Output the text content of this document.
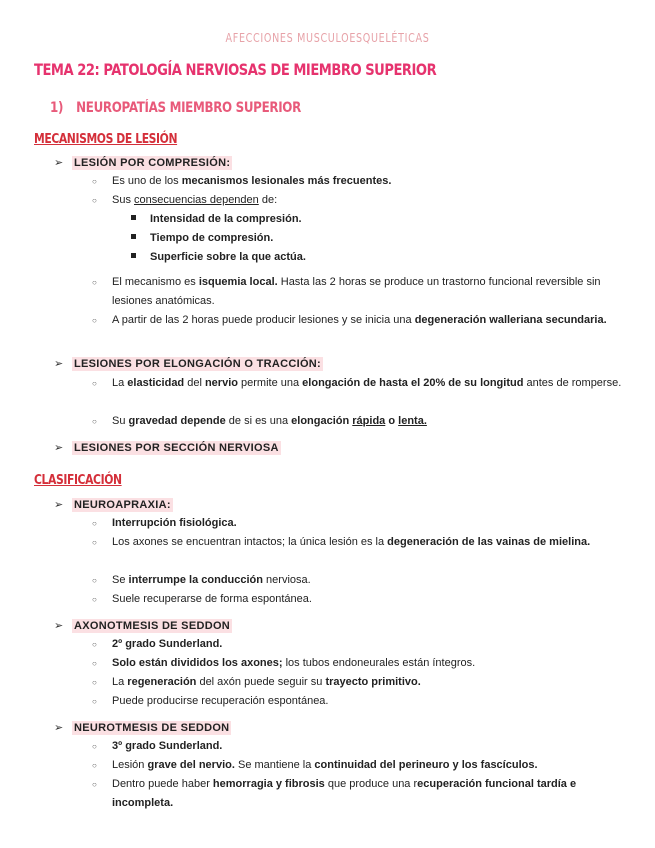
AFECCIONES MUSCULOESQUELÉTICAS
TEMA 22: PATOLOGÍA NERVIOSAS DE MIEMBRO SUPERIOR
1) NEUROPATÍAS MIEMBRO SUPERIOR
MECANISMOS DE LESIÓN
➢ LESIÓN POR COMPRESIÓN:
○	Es uno de los mecanismos lesionales más frecuentes.
○	Sus consecuencias dependen de:
Intensidad de la compresión.
Tiempo de compresión.
Superficie sobre la que actúa.
○	El mecanismo es isquemia local. Hasta las 2 horas se produce un trastorno funcional reversible sin lesiones anatómicas.
○	A partir de las 2 horas puede producir lesiones y se inicia una degeneración walleriana secundaria.
➢ LESIONES POR ELONGACIÓN O TRACCIÓN:
○	La elasticidad del nervio permite una elongación de hasta el 20% de su longitud antes de romperse.
○	Su gravedad depende de si es una elongación rápida o lenta.
➢ LESIONES POR SECCIÓN NERVIOSA
CLASIFICACIÓN
➢ NEUROAPRAXIA:
○	Interrupción fisiológica.
○	Los axones se encuentran intactos; la única lesión es la degeneración de las vainas de mielina.
○	Se interrumpe la conducción nerviosa.
○	Suele recuperarse de forma espontánea.
➢ AXONOTMESIS DE SEDDON
○	2º grado Sunderland.
○	Solo están divididos los axones; los tubos endoneurales están íntegros.
○	La regeneración del axón puede seguir su trayecto primitivo.
○	Puede producirse recuperación espontánea.
➢ NEUROTMESIS DE SEDDON
○	3º grado Sunderland.
○	Lesión grave del nervio. Se mantiene la continuidad del perineuro y los fascículos.
○	Dentro puede haber hemorragia y fibrosis que produce una recuperación funcional tardía e incompleta.
